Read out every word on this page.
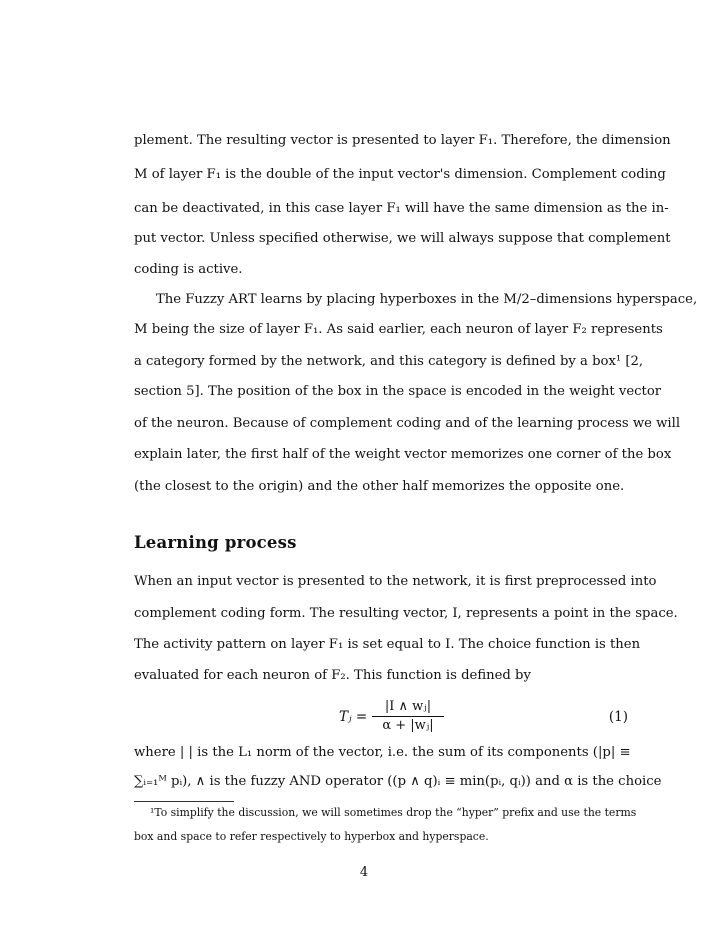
plement. The resulting vector is presented to layer F₁. Therefore, the dimension
M of layer F₁ is the double of the input vector's dimension. Complement coding
can be deactivated, in this case layer F₁ will have the same dimension as the in-
put vector. Unless specified otherwise, we will always suppose that complement
coding is active.
The Fuzzy ART learns by placing hyperboxes in the M/2–dimensions hyperspace,
M being the size of layer F₁. As said earlier, each neuron of layer F₂ represents
a category formed by the network, and this category is defined by a box¹ [2,
section 5]. The position of the box in the space is encoded in the weight vector
of the neuron. Because of complement coding and of the learning process we will
explain later, the first half of the weight vector memorizes one corner of the box
(the closest to the origin) and the other half memorizes the opposite one.
Learning process
When an input vector is presented to the network, it is first preprocessed into
complement coding form. The resulting vector, I, represents a point in the space.
The activity pattern on layer F₁ is set equal to I. The choice function is then
evaluated for each neuron of F₂. This function is defined by
Tⱼ =
|I ∧ wⱼ|
α + |wⱼ|
(1)
where | | is the L₁ norm of the vector, i.e. the sum of its components (|p| ≡
∑ᵢ₌₁ᴹ pᵢ), ∧ is the fuzzy AND operator ((p ∧ q)ᵢ ≡ min(pᵢ, qᵢ)) and α is the choice
¹To simplify the discussion, we will sometimes drop the “hyper” prefix and use the terms
box and space to refer respectively to hyperbox and hyperspace.
4
